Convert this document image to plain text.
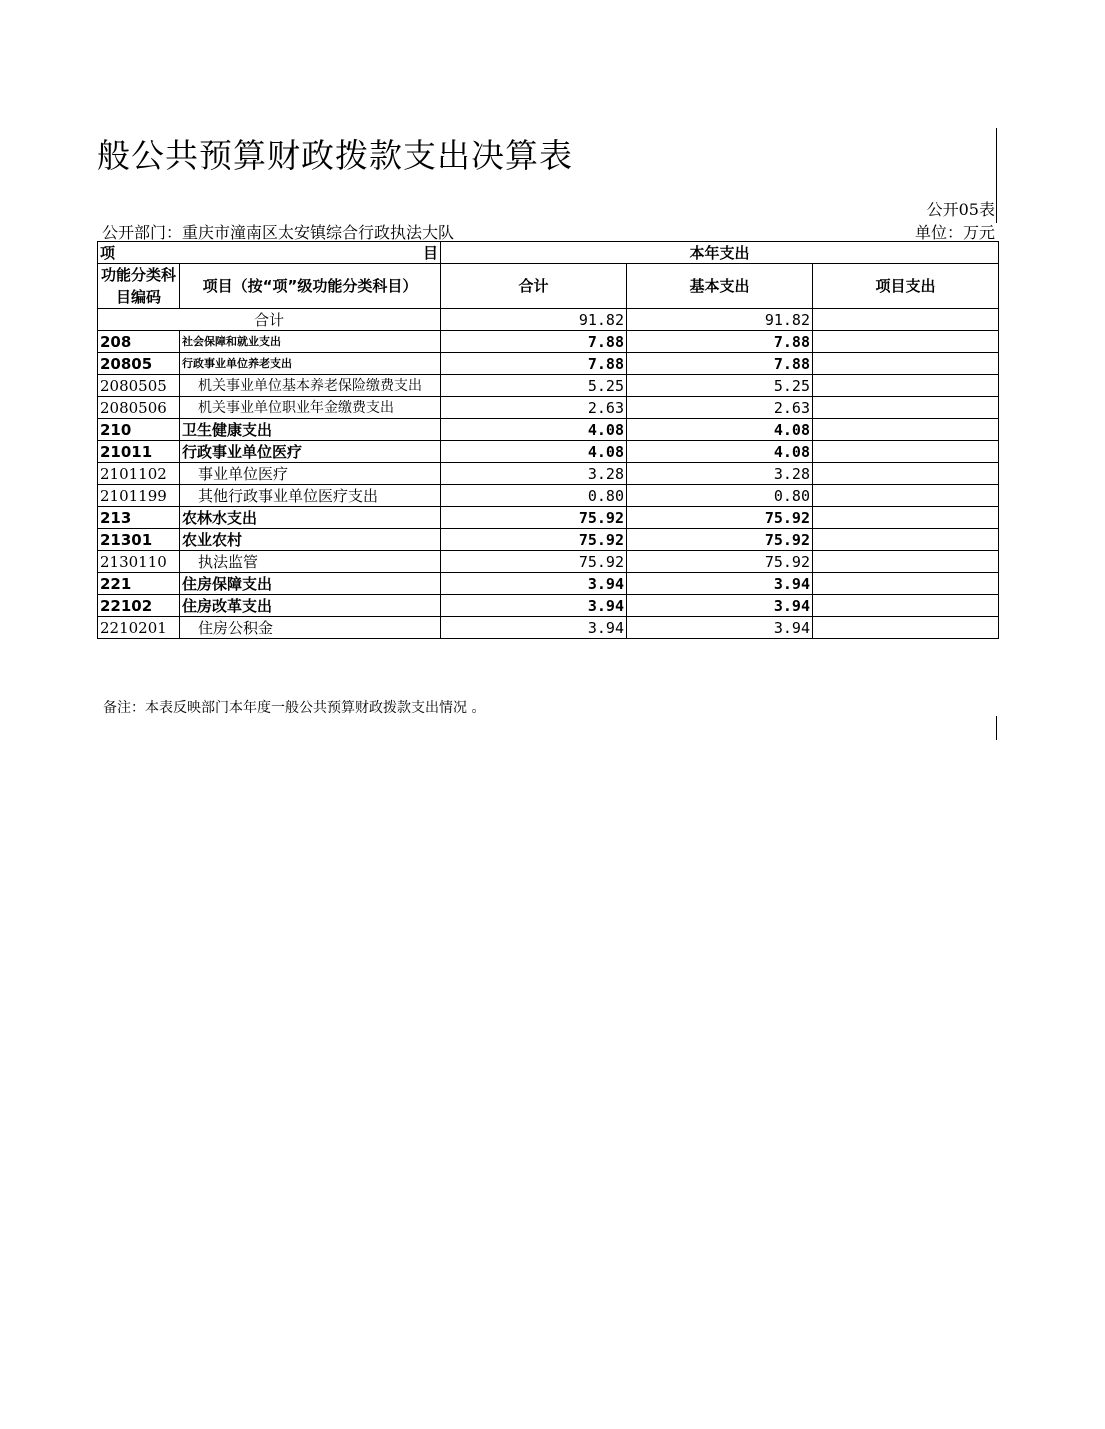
般公共预算财政拨款支出决算表
公开05表
公开部门：重庆市潼南区太安镇综合行政执法大队	单位：万元
项 目		本年支出		
功能分类科目编码	项目（按“项”级功能分类科目）	合计	基本支出	项目支出
合计		91.82	91.82	
208	社会保障和就业支出	7.88	7.88	
20805	行政事业单位养老支出	7.88	7.88	
2080505	机关事业单位基本养老保险缴费支出	5.25	5.25	
2080506	机关事业单位职业年金缴费支出	2.63	2.63	
210	卫生健康支出	4.08	4.08	
21011	行政事业单位医疗	4.08	4.08	
2101102	事业单位医疗	3.28	3.28	
2101199	其他行政事业单位医疗支出	0.80	0.80	
213	农林水支出	75.92	75.92	
21301	农业农村	75.92	75.92	
2130110	执法监管	75.92	75.92	
221	住房保障支出	3.94	3.94	
22102	住房改革支出	3.94	3.94	
2210201	住房公积金	3.94	3.94	
备注：本表反映部门本年度一般公共预算财政拨款支出情况 。
